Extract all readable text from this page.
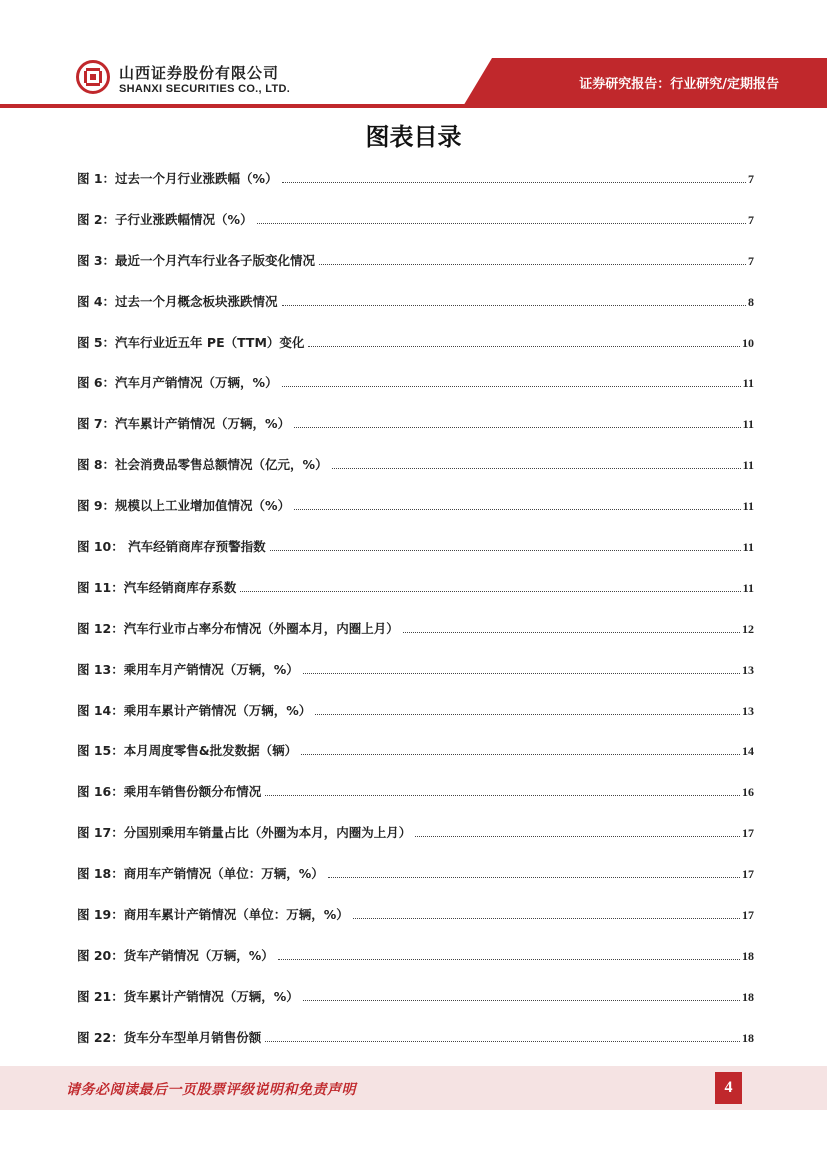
山西证券股份有限公司
SHANXI SECURITIES CO., LTD.	证券研究报告：行业研究/定期报告
图表目录
图 1：过去一个月行业涨跌幅（%）	7
图 2：子行业涨跌幅情况（%）	7
图 3：最近一个月汽车行业各子版变化情况	7
图 4：过去一个月概念板块涨跌情况	8
图 5：汽车行业近五年 PE（TTM）变化	10
图 6：汽车月产销情况（万辆，%）	11
图 7：汽车累计产销情况（万辆，%）	11
图 8：社会消费品零售总额情况（亿元，%）	11
图 9：规模以上工业增加值情况（%）	11
图 10： 汽车经销商库存预警指数	11
图 11：汽车经销商库存系数	11
图 12：汽车行业市占率分布情况（外圈本月，内圈上月）	12
图 13：乘用车月产销情况（万辆，%）	13
图 14：乘用车累计产销情况（万辆，%）	13
图 15：本月周度零售&批发数据（辆）	14
图 16：乘用车销售份额分布情况	16
图 17：分国别乘用车销量占比（外圈为本月，内圈为上月）	17
图 18：商用车产销情况（单位：万辆，%）	17
图 19：商用车累计产销情况（单位：万辆，%）	17
图 20：货车产销情况（万辆，%）	18
图 21：货车累计产销情况（万辆，%）	18
图 22：货车分车型单月销售份额	18
请务必阅读最后一页股票评级说明和免责声明	4
